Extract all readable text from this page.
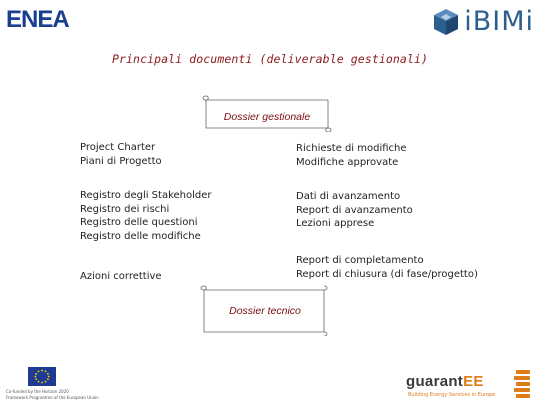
ENEA	iBIMi
Principali documenti (deliverable gestionali)
Dossier gestionale
Project Charter
Piani di Progetto
Registro degli Stakeholder
Registro dei rischi
Registro delle questioni
Registro delle modifiche
Azioni correttive
Richieste di modifiche
Modifiche approvate
Dati di avanzamento
Report di avanzamento
Lezioni apprese
Report di completamento
Report di chiusura (di fase/progetto)
Dossier tecnico
Co-funded by the Horizon 2020
Framework Programme of the European Union
guarantEE
Building Energy Services in Europe
